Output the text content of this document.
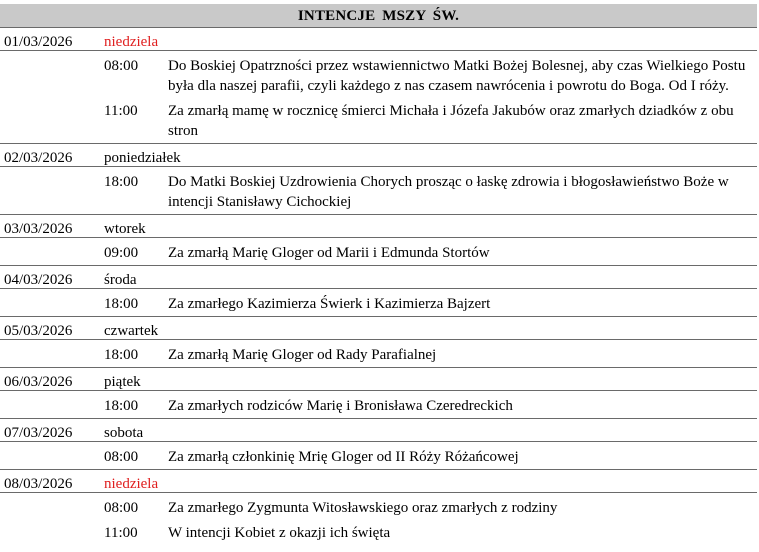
INTENCJE MSZY ŚW.
01/03/2026 niedziela
08:00	Do Boskiej Opatrzności przez wstawiennictwo Matki Bożej Bolesnej, aby czas Wielkiego Postu była dla naszej parafii, czyli każdego z nas czasem nawrócenia i powrotu do Boga. Od I róży.
11:00	Za zmarłą mamę w rocznicę śmierci Michała i Józefa Jakubów oraz zmarłych dziadków z obu stron
02/03/2026 poniedziałek
18:00	Do Matki Boskiej Uzdrowienia Chorych prosząc o łaskę zdrowia i błogosławieństwo Boże w intencji Stanisławy Cichockiej
03/03/2026 wtorek
09:00	Za zmarłą Marię Gloger od Marii i Edmunda Stortów
04/03/2026 środa
18:00	Za zmarłego Kazimierza Świerk i Kazimierza Bajzert
05/03/2026 czwartek
18:00	Za zmarłą Marię Gloger od Rady Parafialnej
06/03/2026 piątek
18:00	Za zmarłych rodziców Marię i Bronisława Czeredreckich
07/03/2026 sobota
08:00	Za zmarłą członkinię Mrię Gloger od II Róży Różańcowej
08/03/2026 niedziela
08:00	Za zmarłego Zygmunta Witosławskiego oraz zmarłych z rodziny
11:00	W intencji Kobiet z okazji ich święta
